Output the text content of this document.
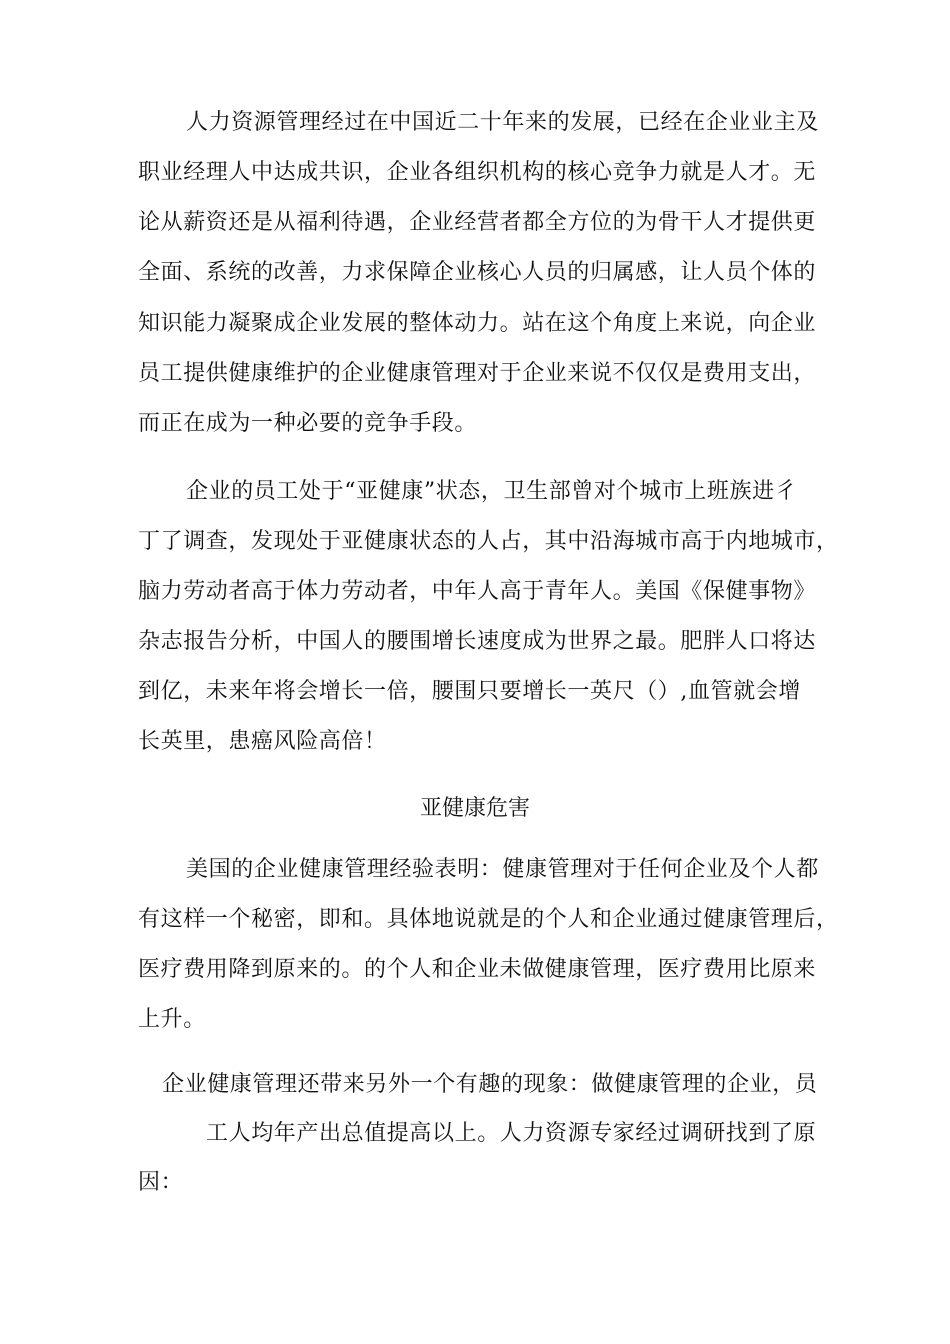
人力资源管理经过在中国近二十年来的发展，已经在企业业主及
职业经理人中达成共识，企业各组织机构的核心竞争力就是人才。无
论从薪资还是从福利待遇，企业经营者都全方位的为骨干人才提供更
全面、系统的改善，力求保障企业核心人员的归属感，让人员个体的
知识能力凝聚成企业发展的整体动力。站在这个角度上来说，向企业
员工提供健康维护的企业健康管理对于企业来说不仅仅是费用支出，
而正在成为一种必要的竞争手段。
企业的员工处于“亚健康”状态，卫生部曾对个城市上班族进彳
丁了调查，发现处于亚健康状态的人占，其中沿海城市高于内地城市，
脑力劳动者高于体力劳动者，中年人高于青年人。美国《保健事物》
杂志报告分析，中国人的腰围增长速度成为世界之最。肥胖人口将达
到亿，未来年将会增长一倍，腰围只要增长一英尺（）,血管就会增
长英里，患癌风险高倍！
亚健康危害
美国的企业健康管理经验表明：健康管理对于任何企业及个人都
有这样一个秘密，即和。具体地说就是的个人和企业通过健康管理后，
医疗费用降到原来的。的个人和企业未做健康管理，医疗费用比原来
上升。
企业健康管理还带来另外一个有趣的现象：做健康管理的企业，员
工人均年产出总值提高以上。人力资源专家经过调研找到了原
因：
